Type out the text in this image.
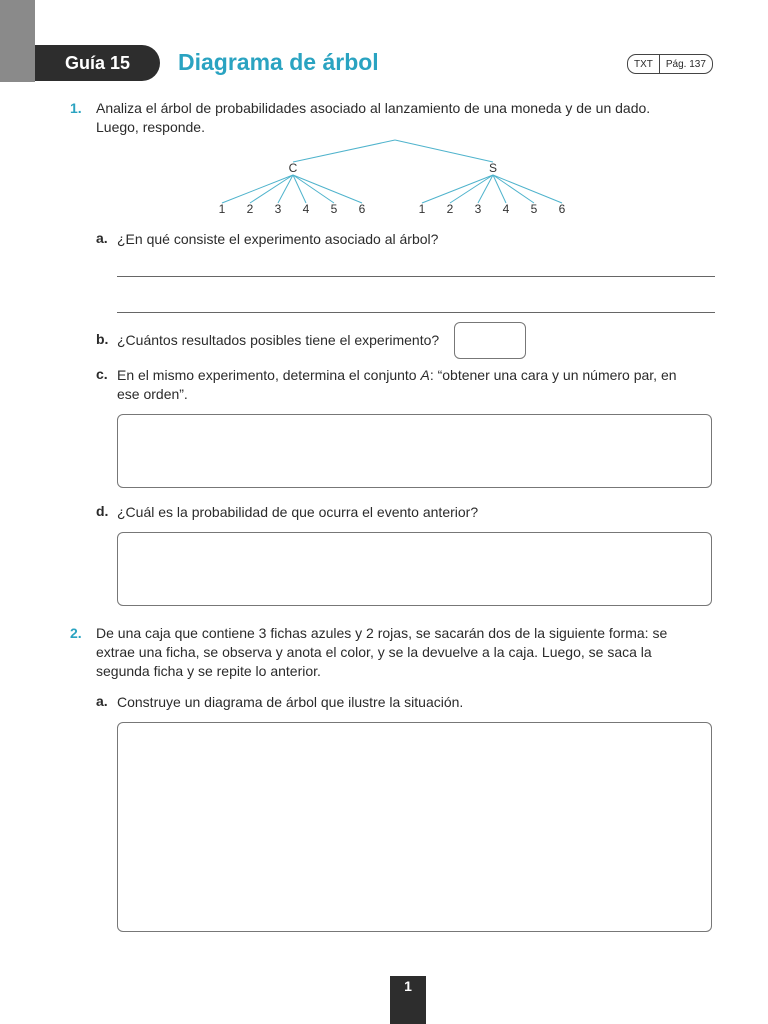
Guía 15 Diagrama de árbol	TXT	Pág. 137
1. Analiza el árbol de probabilidades asociado al lanzamiento de una moneda y de un dado.
Luego, responde.
C	S
1 2 3 4 5 6	1 2 3 4 5 6
a. ¿En qué consiste el experimento asociado al árbol?
b. ¿Cuántos resultados posibles tiene el experimento?
c. En el mismo experimento, determina el conjunto A: “obtener una cara y un número par, en
ese orden”.
d. ¿Cuál es la probabilidad de que ocurra el evento anterior?
2. De una caja que contiene 3 fichas azules y 2 rojas, se sacarán dos de la siguiente forma: se
extrae una ficha, se observa y anota el color, y se la devuelve a la caja. Luego, se saca la
segunda ficha y se repite lo anterior.
a. Construye un diagrama de árbol que ilustre la situación.
1
